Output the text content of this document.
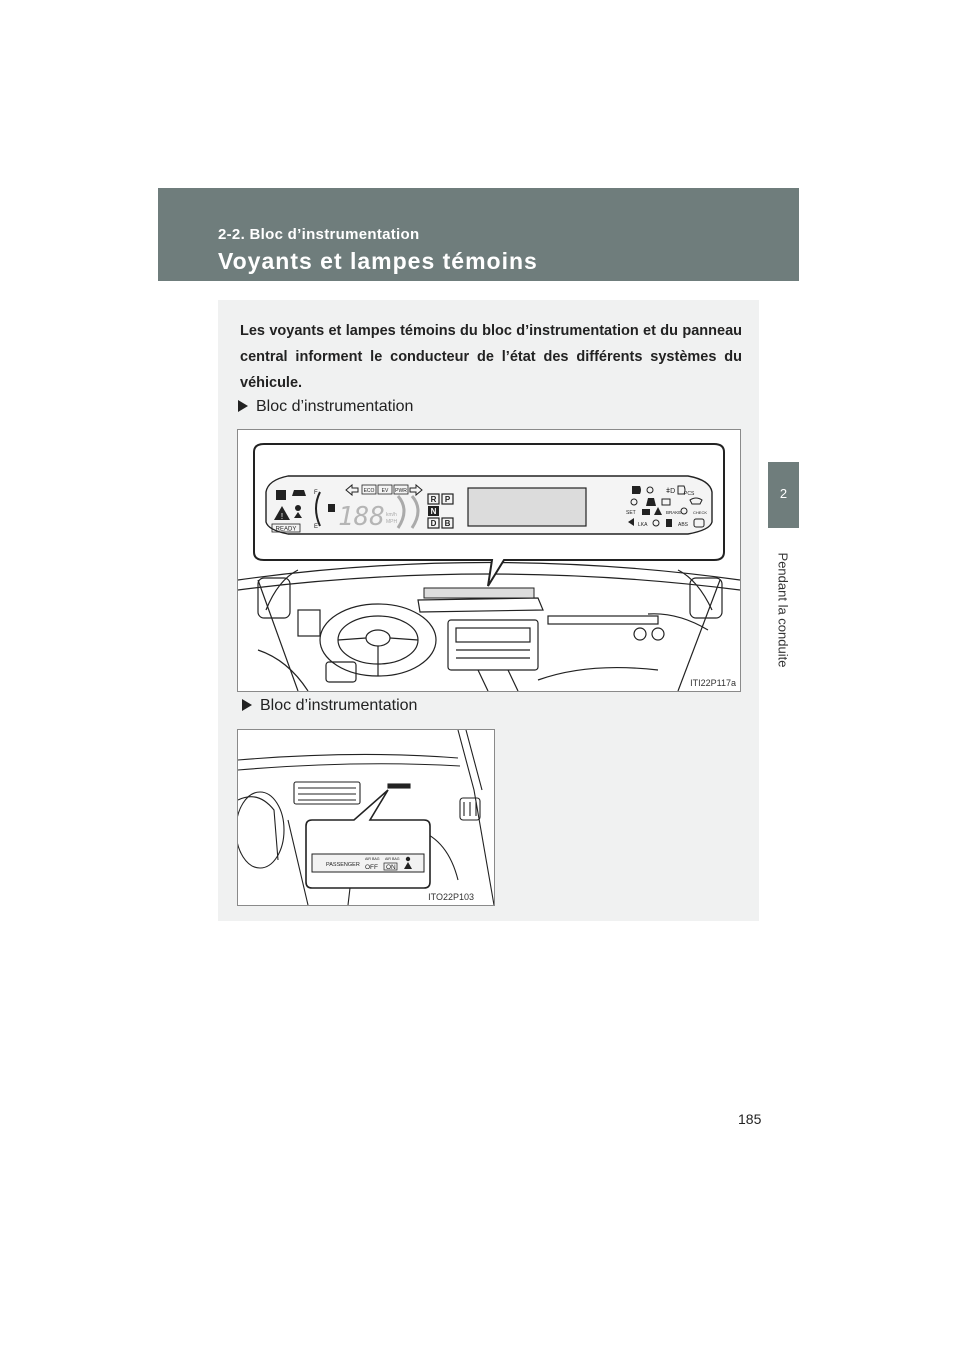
2-2. Bloc d’instrumentation
Voyants et lampes témoins
2
Pendant la conduite
Les voyants et lampes témoins du bloc d’instrumentation et du panneau central informent le conducteur de l’état des différents systèmes du véhicule.
Bloc d’instrumentation
!
READY
F
E 188 km/h
MPH
ECO EV PWR
R P
N
D B
ǂD PCS
SET	BRAKE	CHECK
LKA	ABS
ITI22P117a
Bloc d’instrumentation
PASSENGER
AIR BAG
OFF
AIR BAG
ON
ITO22P103
185
